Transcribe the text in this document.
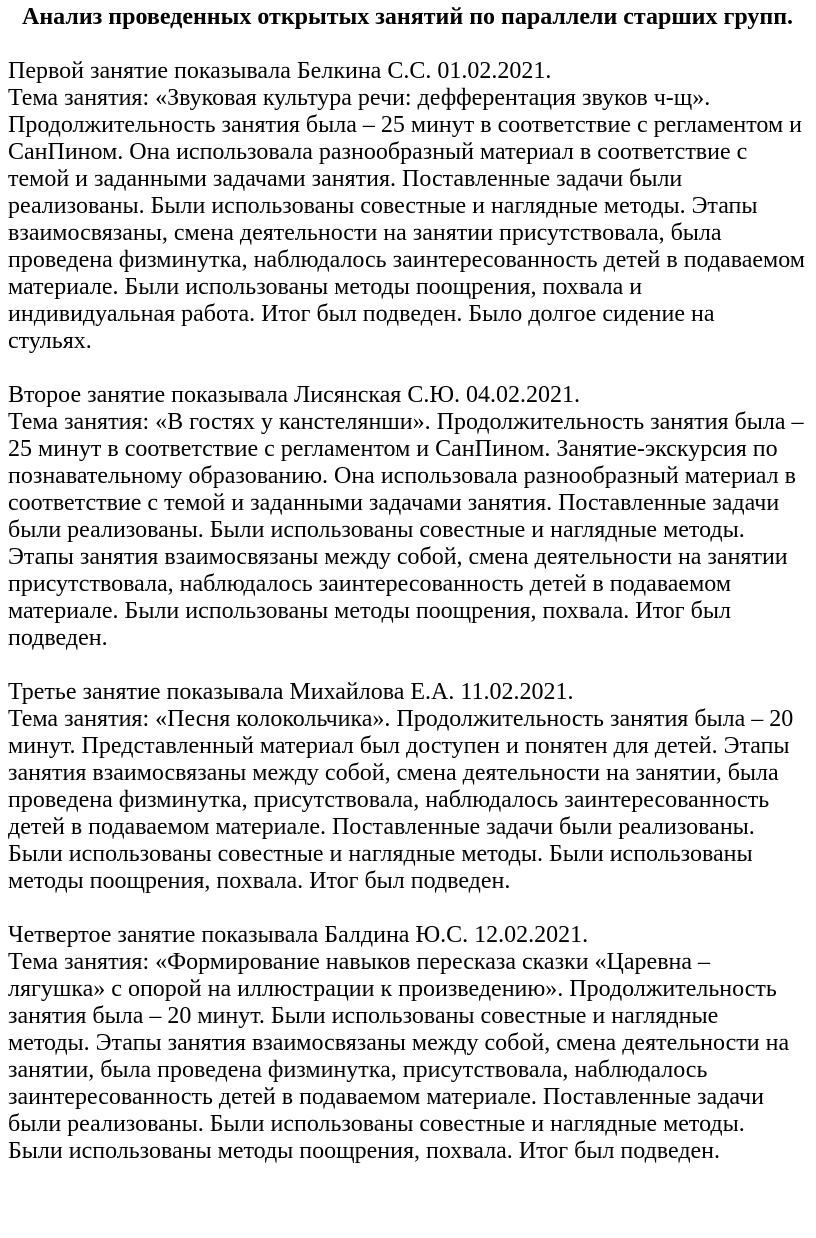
Анализ проведенных открытых занятий по параллели старших групп.
Первой занятие показывала Белкина С.С. 01.02.2021.
Тема занятия: «Звуковая культура речи: дефферентация звуков ч-щ».
Продолжительность занятия была – 25 минут в соответствие с регламентом и
СанПином. Она использовала разнообразный материал в соответствие с
темой и заданными задачами занятия. Поставленные задачи были
реализованы. Были использованы совестные и наглядные методы. Этапы
взаимосвязаны, смена деятельности на занятии присутствовала, была
проведена физминутка, наблюдалось заинтересованность детей в подаваемом
материале. Были использованы методы поощрения, похвала и
индивидуальная работа. Итог был подведен. Было долгое сидение на
стульях.
Второе занятие показывала Лисянская С.Ю. 04.02.2021.
Тема занятия: «В гостях у канстелянши». Продолжительность занятия была –
25 минут в соответствие с регламентом и СанПином. Занятие-экскурсия по
познавательному образованию. Она использовала разнообразный материал в
соответствие с темой и заданными задачами занятия. Поставленные задачи
были реализованы. Были использованы совестные и наглядные методы.
Этапы занятия взаимосвязаны между собой, смена деятельности на занятии
присутствовала, наблюдалось заинтересованность детей в подаваемом
материале. Были использованы методы поощрения, похвала. Итог был
подведен.
Третье занятие показывала Михайлова Е.А. 11.02.2021.
Тема занятия: «Песня колокольчика». Продолжительность занятия была – 20
минут. Представленный материал был доступен и понятен для детей. Этапы
занятия взаимосвязаны между собой, смена деятельности на занятии, была
проведена физминутка, присутствовала, наблюдалось заинтересованность
детей в подаваемом материале. Поставленные задачи были реализованы.
Были использованы совестные и наглядные методы. Были использованы
методы поощрения, похвала. Итог был подведен.
Четвертое занятие показывала Балдина Ю.С. 12.02.2021.
Тема занятия: «Формирование навыков пересказа сказки «Царевна –
лягушка» с опорой на иллюстрации к произведению». Продолжительность
занятия была – 20 минут. Были использованы совестные и наглядные
методы. Этапы занятия взаимосвязаны между собой, смена деятельности на
занятии, была проведена физминутка, присутствовала, наблюдалось
заинтересованность детей в подаваемом материале. Поставленные задачи
были реализованы. Были использованы совестные и наглядные методы.
Были использованы методы поощрения, похвала. Итог был подведен.
